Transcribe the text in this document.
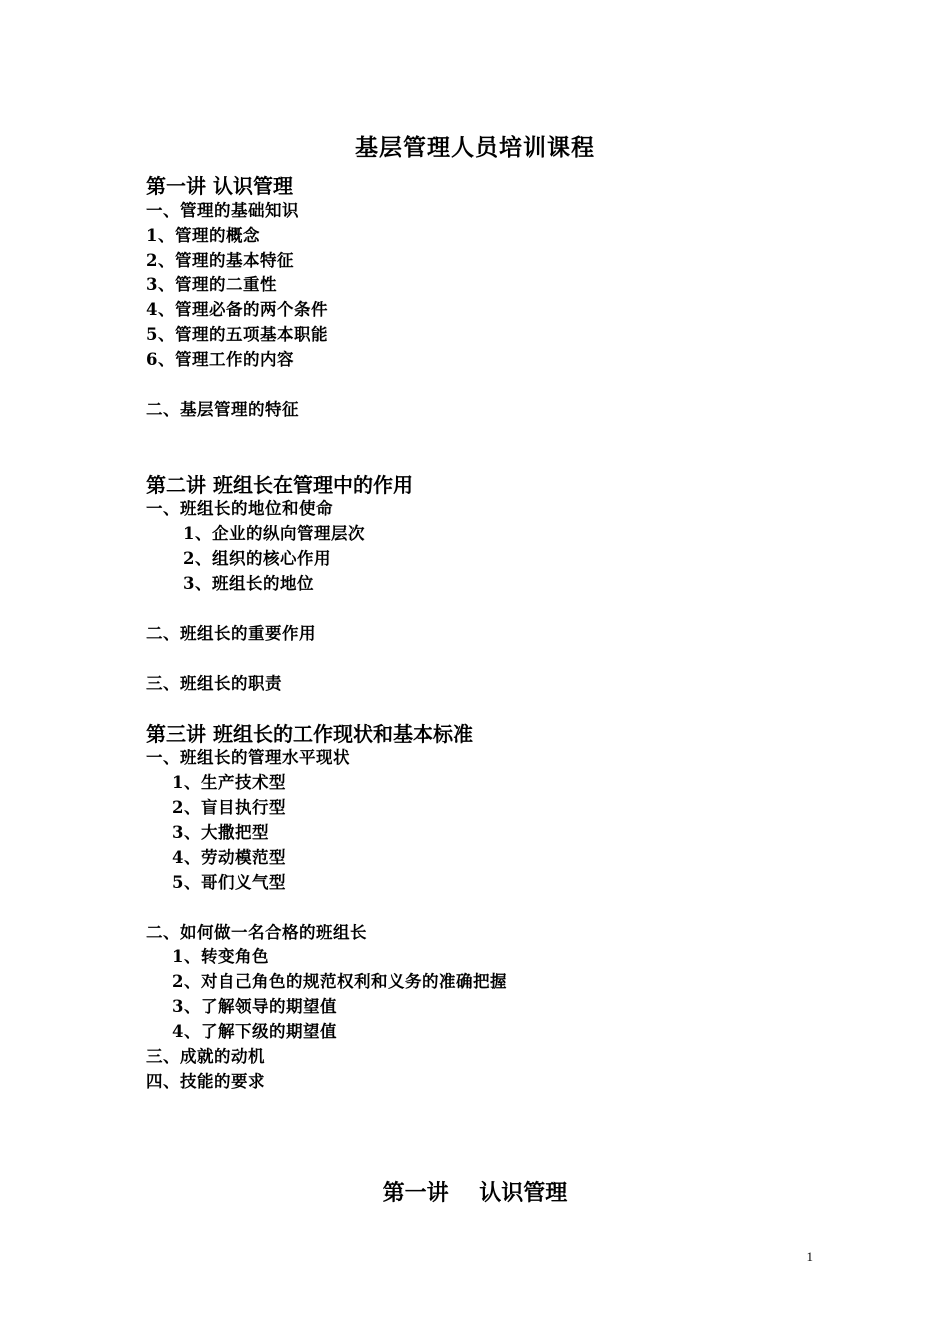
基层管理人员培训课程
第一讲 认识管理
一、管理的基础知识
1、管理的概念
2、管理的基本特征
3、管理的二重性
4、管理必备的两个条件
5、管理的五项基本职能
6、管理工作的内容
二、基层管理的特征
第二讲 班组长在管理中的作用
一、班组长的地位和使命
1、企业的纵向管理层次
2、组织的核心作用
3、班组长的地位
二、班组长的重要作用
三、班组长的职责
第三讲 班组长的工作现状和基本标准
一、班组长的管理水平现状
1、生产技术型
2、盲目执行型
3、大撒把型
4、劳动模范型
5、哥们义气型
二、如何做一名合格的班组长
1、转变角色
2、对自己角色的规范权利和义务的准确把握
3、了解领导的期望值
4、了解下级的期望值
三、成就的动机
四、技能的要求
第一讲    认识管理
1
